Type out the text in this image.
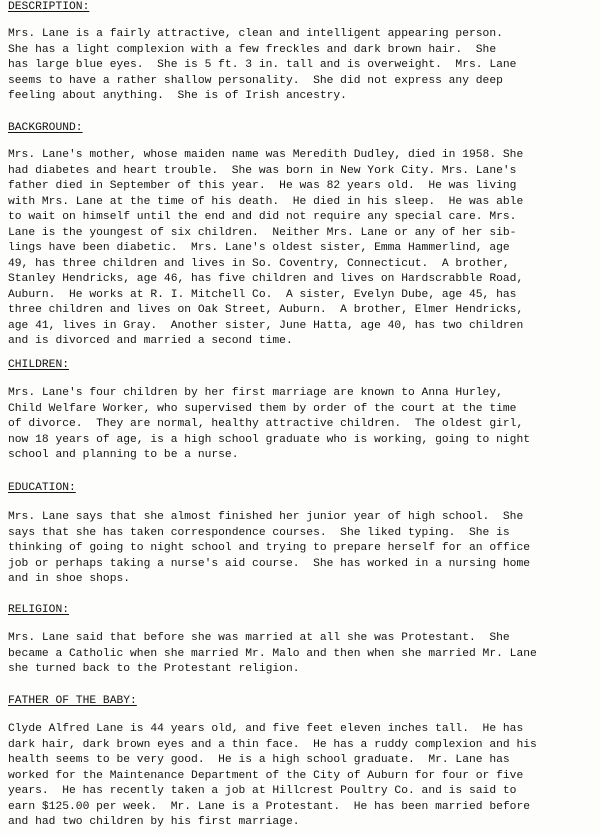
DESCRIPTION:
Mrs. Lane is a fairly attractive, clean and intelligent appearing person.
She has a light complexion with a few freckles and dark brown hair.  She
has large blue eyes.  She is 5 ft. 3 in. tall and is overweight.  Mrs. Lane
seems to have a rather shallow personality.  She did not express any deep
feeling about anything.  She is of Irish ancestry.
BACKGROUND:
Mrs. Lane's mother, whose maiden name was Meredith Dudley, died in 1958. She
had diabetes and heart trouble.  She was born in New York City. Mrs. Lane's
father died in September of this year.  He was 82 years old.  He was living
with Mrs. Lane at the time of his death.  He died in his sleep.  He was able
to wait on himself until the end and did not require any special care. Mrs.
Lane is the youngest of six children.  Neither Mrs. Lane or any of her sib-
lings have been diabetic.  Mrs. Lane's oldest sister, Emma Hammerlind, age
49, has three children and lives in So. Coventry, Connecticut.  A brother,
Stanley Hendricks, age 46, has five children and lives on Hardscrabble Road,
Auburn.  He works at R. I. Mitchell Co.  A sister, Evelyn Dube, age 45, has
three children and lives on Oak Street, Auburn.  A brother, Elmer Hendricks,
age 41, lives in Gray.  Another sister, June Hatta, age 40, has two children
and is divorced and married a second time.
CHILDREN:
Mrs. Lane's four children by her first marriage are known to Anna Hurley,
Child Welfare Worker, who supervised them by order of the court at the time
of divorce.  They are normal, healthy attractive children.  The oldest girl,
now 18 years of age, is a high school graduate who is working, going to night
school and planning to be a nurse.
EDUCATION:
Mrs. Lane says that she almost finished her junior year of high school.  She
says that she has taken correspondence courses.  She liked typing.  She is
thinking of going to night school and trying to prepare herself for an office
job or perhaps taking a nurse's aid course.  She has worked in a nursing home
and in shoe shops.
RELIGION:
Mrs. Lane said that before she was married at all she was Protestant.  She
became a Catholic when she married Mr. Malo and then when she married Mr. Lane
she turned back to the Protestant religion.
FATHER OF THE BABY:
Clyde Alfred Lane is 44 years old, and five feet eleven inches tall.  He has
dark hair, dark brown eyes and a thin face.  He has a ruddy complexion and his
health seems to be very good.  He is a high school graduate.  Mr. Lane has
worked for the Maintenance Department of the City of Auburn for four or five
years.  He has recently taken a job at Hillcrest Poultry Co. and is said to
earn $125.00 per week.  Mr. Lane is a Protestant.  He has been married before
and had two children by his first marriage.
